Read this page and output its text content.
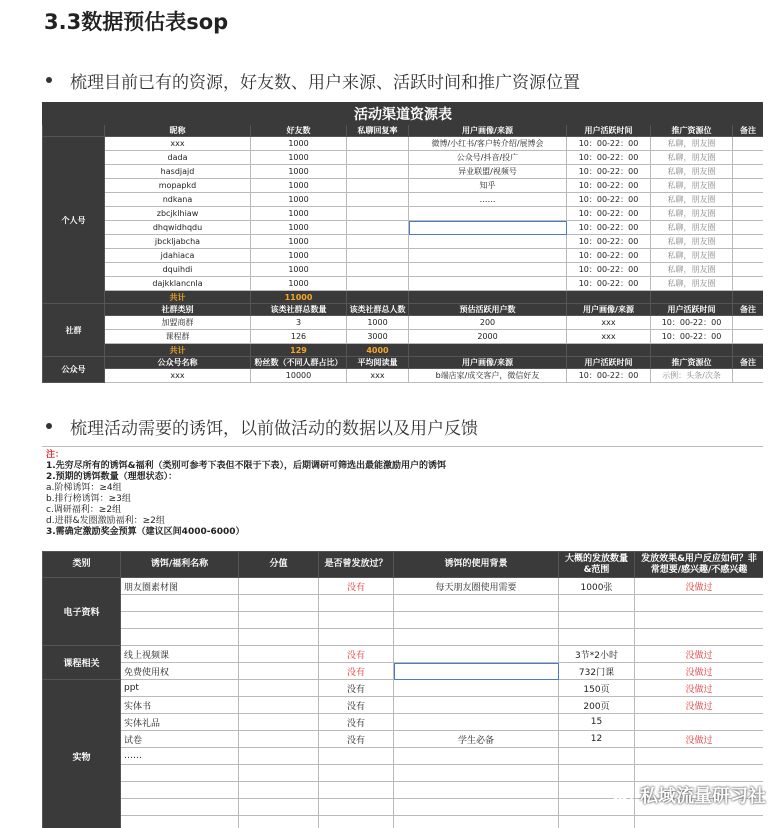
3.3数据预估表sop
梳理目前已有的资源，好友数、用户来源、活跃时间和推广资源位置
活动渠道资源表							
	昵称	好友数	私聊回复率	用户画像/来源	用户活跃时间	推广资源位	备注
个人号	xxx	1000		微博/小红书/客户转介绍/展博会	10：00-22：00	私聊，朋友圈	
	dada	1000		公众号/抖音/投广	10：00-22：00	私聊，朋友圈	
	hasdjajd	1000		异业联盟/视频号	10：00-22：00	私聊，朋友圈	
	mopapkd	1000		知乎	10：00-22：00	私聊，朋友圈	
	ndkana	1000		……	10：00-22：00	私聊，朋友圈	
	zbcjklhiaw	1000			10：00-22：00	私聊，朋友圈	
	dhqwidhqdu	1000			10：00-22：00	私聊，朋友圈	
	jbckljabcha	1000			10：00-22：00	私聊，朋友圈	
	jdahiaca	1000			10：00-22：00	私聊，朋友圈	
	dquihdi	1000			10：00-22：00	私聊，朋友圈	
	dajkklancnla	1000			10：00-22：00	私聊，朋友圈	
	共计	11000					
社群	社群类别	该类社群总数量	该类社群总人数	预估活跃用户数	用户画像/来源	用户活跃时间	备注
	加盟商群	3	1000	200	xxx	10：00-22：00	
	课程群	126	3000	2000	xxx	10：00-22：00	
	共计	129	4000				
公众号	公众号名称	粉丝数（不同人群占比）	平均阅读量	用户画像/来源	用户活跃时间	推广资源位	备注
	xxx	10000	xxx	b端店家/成交客户，微信好友	10：00-22：00	示例：头条/次条	
梳理活动需要的诱饵，以前做活动的数据以及用户反馈
注：
1.先穷尽所有的诱饵&福利（类别可参考下表但不限于下表），后期调研可筛选出最能激励用户的诱饵
2.预期的诱饵数量（理想状态）：
a.阶梯诱饵：≥4组
b.排行榜诱饵：≥3组
c.调研福利：≥2组
d.进群&发圈激励福利：≥2组
3.需确定激励奖金预算（建议区间4000-6000）
类别	诱饵/福利名称	分值	是否曾发放过？	诱饵的使用背景	大概的发放数量&范围	发放效果&用户反应如何？非常想要/感兴趣/不感兴趣
电子资料	朋友圈素材图		没有	每天朋友圈使用需要	1000张	没做过

课程相关	线上视频课		没有		3节*2小时	没做过
	免费使用权		没有		732门课	没做过
实物	ppt		没有		150页	没做过
	实体书		没有		200页	没做过
	实体礼品		没有		15	
	试卷		没有	学生必备	12	没做过
	……					

私域流量研习社
